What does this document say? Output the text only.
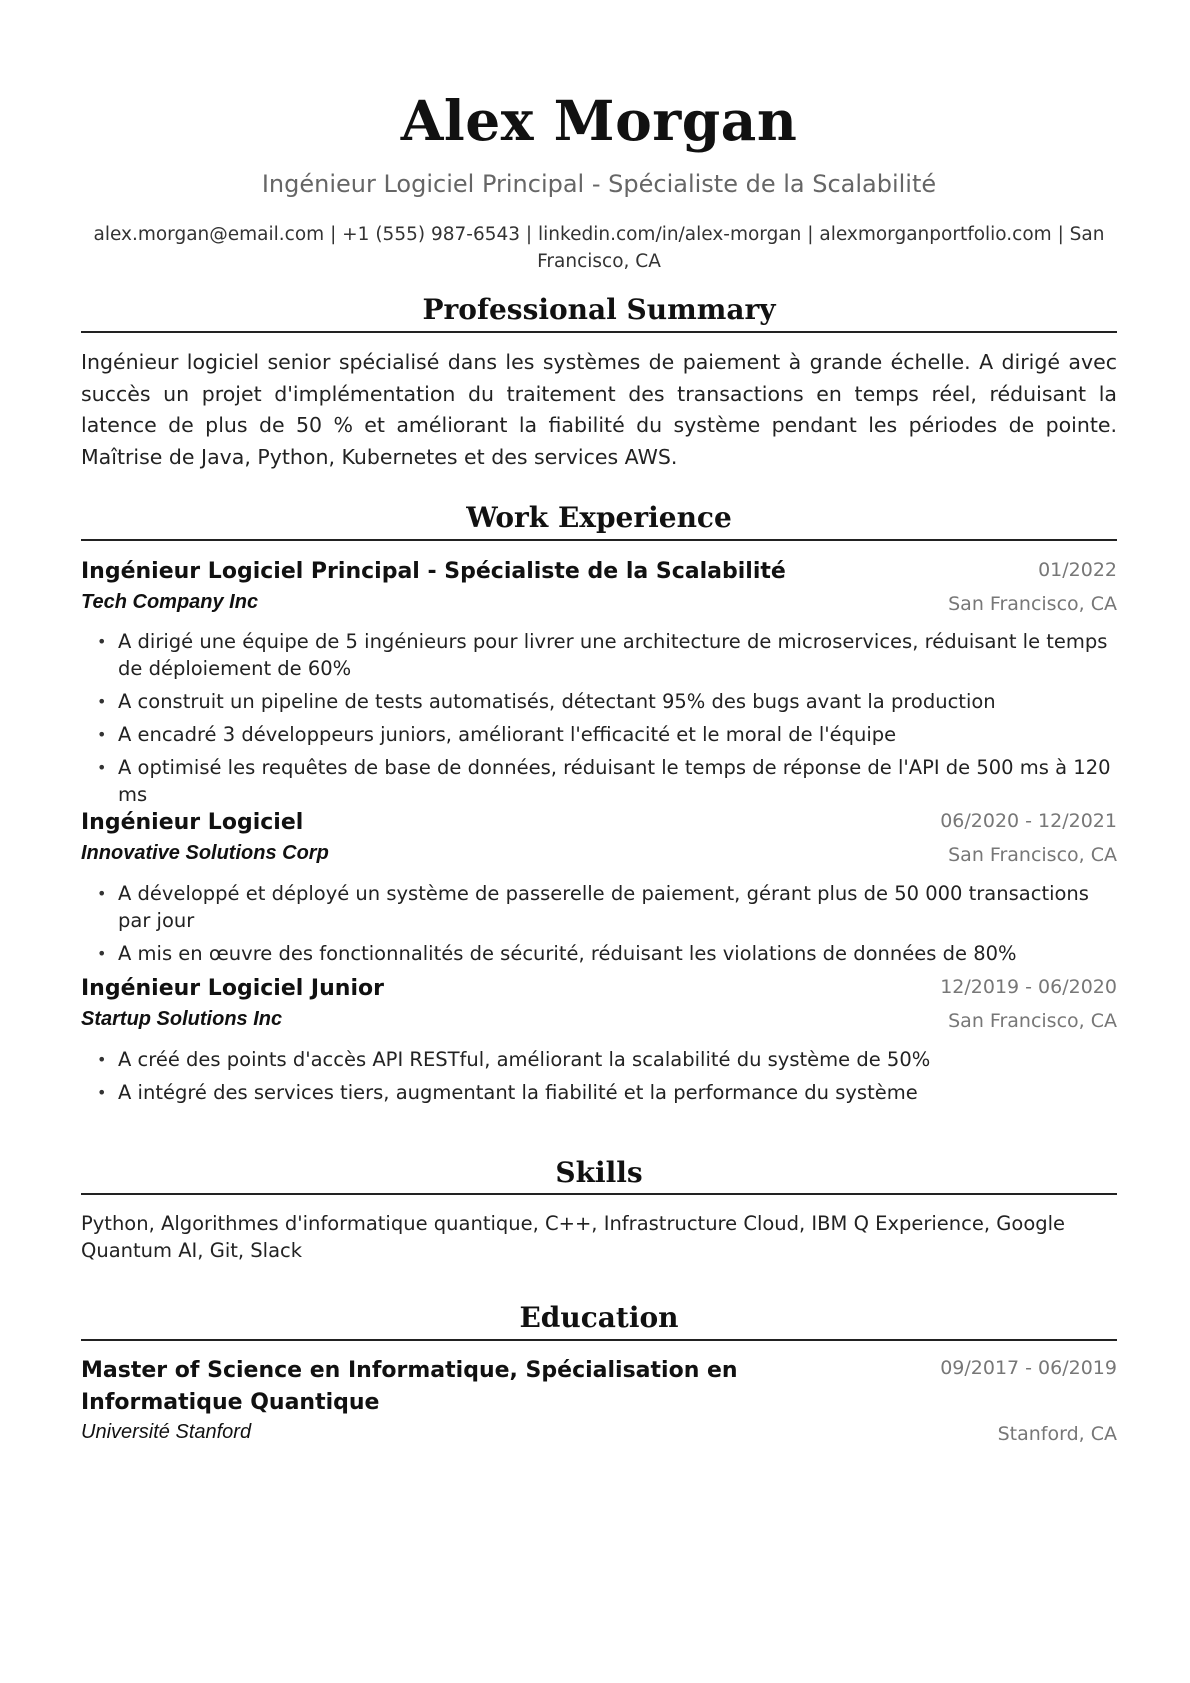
Alex Morgan
Ingénieur Logiciel Principal - Spécialiste de la Scalabilité
alex.morgan@email.com | +1 (555) 987-6543 | linkedin.com/in/alex-morgan | alexmorganportfolio.com | San
Francisco, CA
Professional Summary
Ingénieur logiciel senior spécialisé dans les systèmes de paiement à grande échelle. A dirigé avec succès un projet d'implémentation du traitement des transactions en temps réel, réduisant la latence de plus de 50 % et améliorant la fiabilité du système pendant les périodes de pointe. Maîtrise de Java, Python, Kubernetes et des services AWS.
Work Experience
Ingénieur Logiciel Principal - Spécialiste de la Scalabilité	01/2022
Tech Company Inc	San Francisco, CA
• A dirigé une équipe de 5 ingénieurs pour livrer une architecture de microservices, réduisant le temps de déploiement de 60%
• A construit un pipeline de tests automatisés, détectant 95% des bugs avant la production
• A encadré 3 développeurs juniors, améliorant l'efficacité et le moral de l'équipe
• A optimisé les requêtes de base de données, réduisant le temps de réponse de l'API de 500 ms à 120 ms
Ingénieur Logiciel	06/2020 - 12/2021
Innovative Solutions Corp	San Francisco, CA
• A développé et déployé un système de passerelle de paiement, gérant plus de 50 000 transactions par jour
• A mis en œuvre des fonctionnalités de sécurité, réduisant les violations de données de 80%
Ingénieur Logiciel Junior	12/2019 - 06/2020
Startup Solutions Inc	San Francisco, CA
• A créé des points d'accès API RESTful, améliorant la scalabilité du système de 50%
• A intégré des services tiers, augmentant la fiabilité et la performance du système
Skills
Python, Algorithmes d'informatique quantique, C++, Infrastructure Cloud, IBM Q Experience, Google Quantum AI, Git, Slack
Education
Master of Science en Informatique, Spécialisation en Informatique Quantique
09/2017 - 06/2019
Université Stanford	Stanford, CA
